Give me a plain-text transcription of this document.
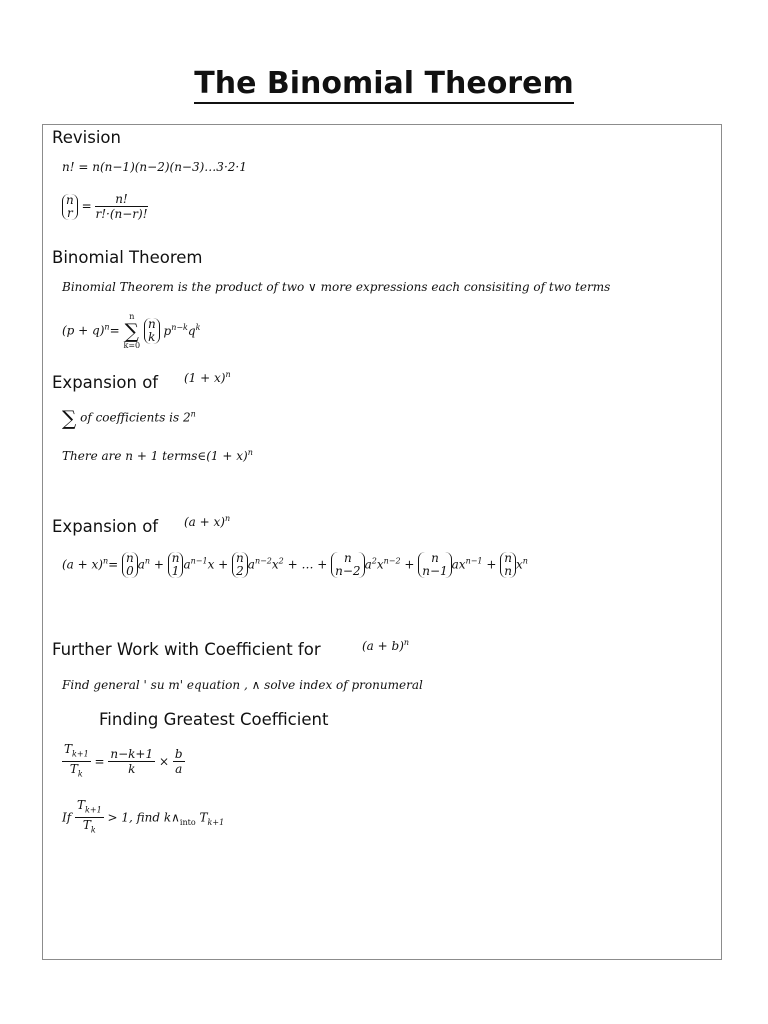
The Binomial Theorem
Revision
n! = n(n−1)(n−2)(n−3)…3·2·1
n
$r = \frac{n!}{r!\cdot(n-r)!}$
Binomial Theorem
Binomial Theorem is the product of two ∨ more expressions each consisiting of two terms
$(p + q)^n=$
n
∑
k=0

n
k $p^{n-k}q^k$
Expansion of $(1 + x)^n$
∑ of coefficients is 2$^n$
There are n + 1 terms∈(1 + x)$^n$
Expansion of $(a + x)^n$
$(a + x)^n= n$
0 $a^n + n$
1 $a^{n-1}x + n$
2 $a^{n-2}x^2$ + … +	n
n−2 $a^2x^{n-2}$ +	n
n−1 $ax^{n-1} + n$
n $x^n$
Further Work with Coefficient for	$(a + b)^n$
Find general ' su m' equation , ∧ solve index of pronumeral
Finding Greatest Coefficient
$\frac{T_{k+1}}{T_k} = \frac{n-k+1}{k} \times \frac{b}{a}$
If $\frac{T_{k+1}}{T_k} > 1$, find $k\wedge_{into}$ $T_{k+1}$
